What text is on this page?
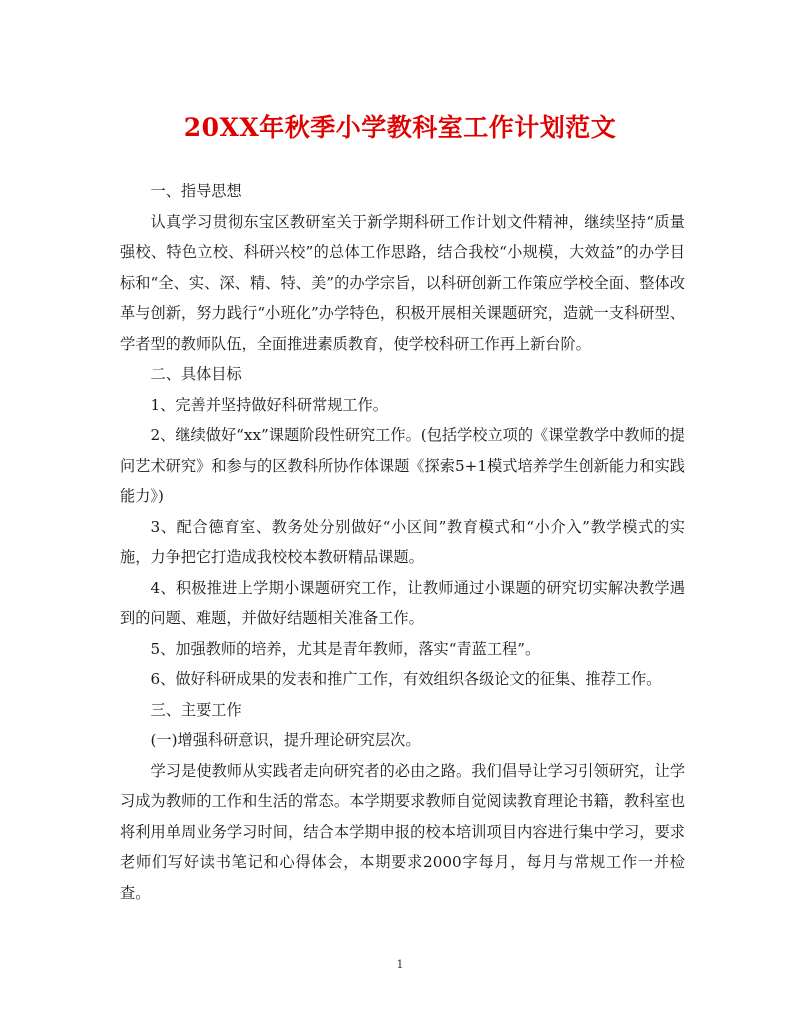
20XX年秋季小学教科室工作计划范文

一、指导思想

认真学习贯彻东宝区教研室关于新学期科研工作计划文件精神，继续坚持“质量强校、特色立校、科研兴校”的总体工作思路，结合我校“小规模，大效益”的办学目标和“全、实、深、精、特、美”的办学宗旨，以科研创新工作策应学校全面、整体改革与创新，努力践行“小班化”办学特色，积极开展相关课题研究，造就一支科研型、学者型的教师队伍，全面推进素质教育，使学校科研工作再上新台阶。

二、具体目标

1、完善并坚持做好科研常规工作。

2、继续做好“xx”课题阶段性研究工作。(包括学校立项的《课堂教学中教师的提问艺术研究》和参与的区教科所协作体课题《探索5+1模式培养学生创新能力和实践能力》)

3、配合德育室、教务处分别做好“小区间”教育模式和“小介入”教学模式的实施，力争把它打造成我校校本教研精品课题。

4、积极推进上学期小课题研究工作，让教师通过小课题的研究切实解决教学遇到的问题、难题，并做好结题相关准备工作。

5、加强教师的培养，尤其是青年教师，落实“青蓝工程”。

6、做好科研成果的发表和推广工作，有效组织各级论文的征集、推荐工作。

三、主要工作

(一)增强科研意识，提升理论研究层次。

学习是使教师从实践者走向研究者的必由之路。我们倡导让学习引领研究，让学习成为教师的工作和生活的常态。本学期要求教师自觉阅读教育理论书籍，教科室也将利用单周业务学习时间，结合本学期申报的校本培训项目内容进行集中学习，要求老师们写好读书笔记和心得体会，本期要求2000字每月，每月与常规工作一并检查。

1
